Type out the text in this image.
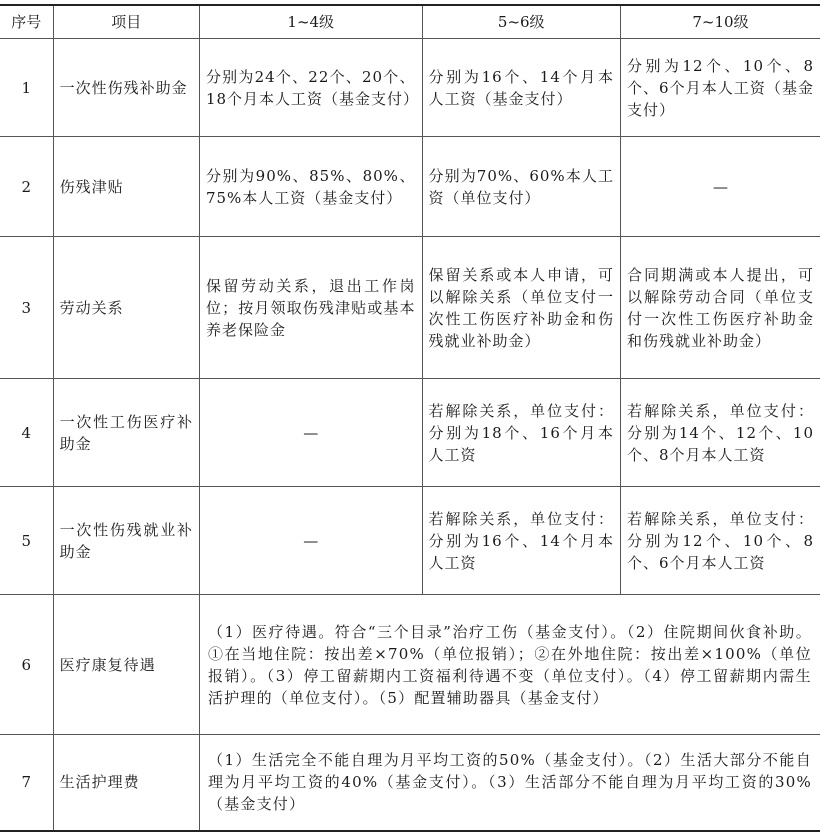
序号	项目	1~4级	5~6级	7~10级
1	一次性伤残补助金	分别为24个、22个、20个、18个月本人工资（基金支付）	分别为16个、14个月本人工资（基金支付）	分别为12个、10个、8个、6个月本人工资（基金支付）
2	伤残津贴	分别为90%、85%、80%、75%本人工资（基金支付）	分别为70%、60%本人工资（单位支付）	—
3	劳动关系	保留劳动关系，退出工作岗位；按月领取伤残津贴或基本养老保险金	保留关系或本人申请，可以解除关系（单位支付一次性工伤医疗补助金和伤残就业补助金）	合同期满或本人提出，可以解除劳动合同（单位支付一次性工伤医疗补助金和伤残就业补助金）
4	一次性工伤医疗补助金	—	若解除关系，单位支付：分别为18个、16个月本人工资	若解除关系，单位支付：分别为14个、12个、10个、8个月本人工资
5	一次性伤残就业补助金	—	若解除关系，单位支付：分别为16个、14个月本人工资	若解除关系，单位支付：分别为12个、10个、8个、6个月本人工资
6	医疗康复待遇	（1）医疗待遇。符合“三个目录”治疗工伤（基金支付）。（2）住院期间伙食补助。①在当地住院：按出差×70%（单位报销）；②在外地住院：按出差×100%（单位报销）。（3）停工留薪期内工资福利待遇不变（单位支付）。（4）停工留薪期内需生活护理的（单位支付）。（5）配置辅助器具（基金支付）		
7	生活护理费	（1）生活完全不能自理为月平均工资的50%（基金支付）。（2）生活大部分不能自理为月平均工资的40%（基金支付）。（3）生活部分不能自理为月平均工资的30%（基金支付）		
